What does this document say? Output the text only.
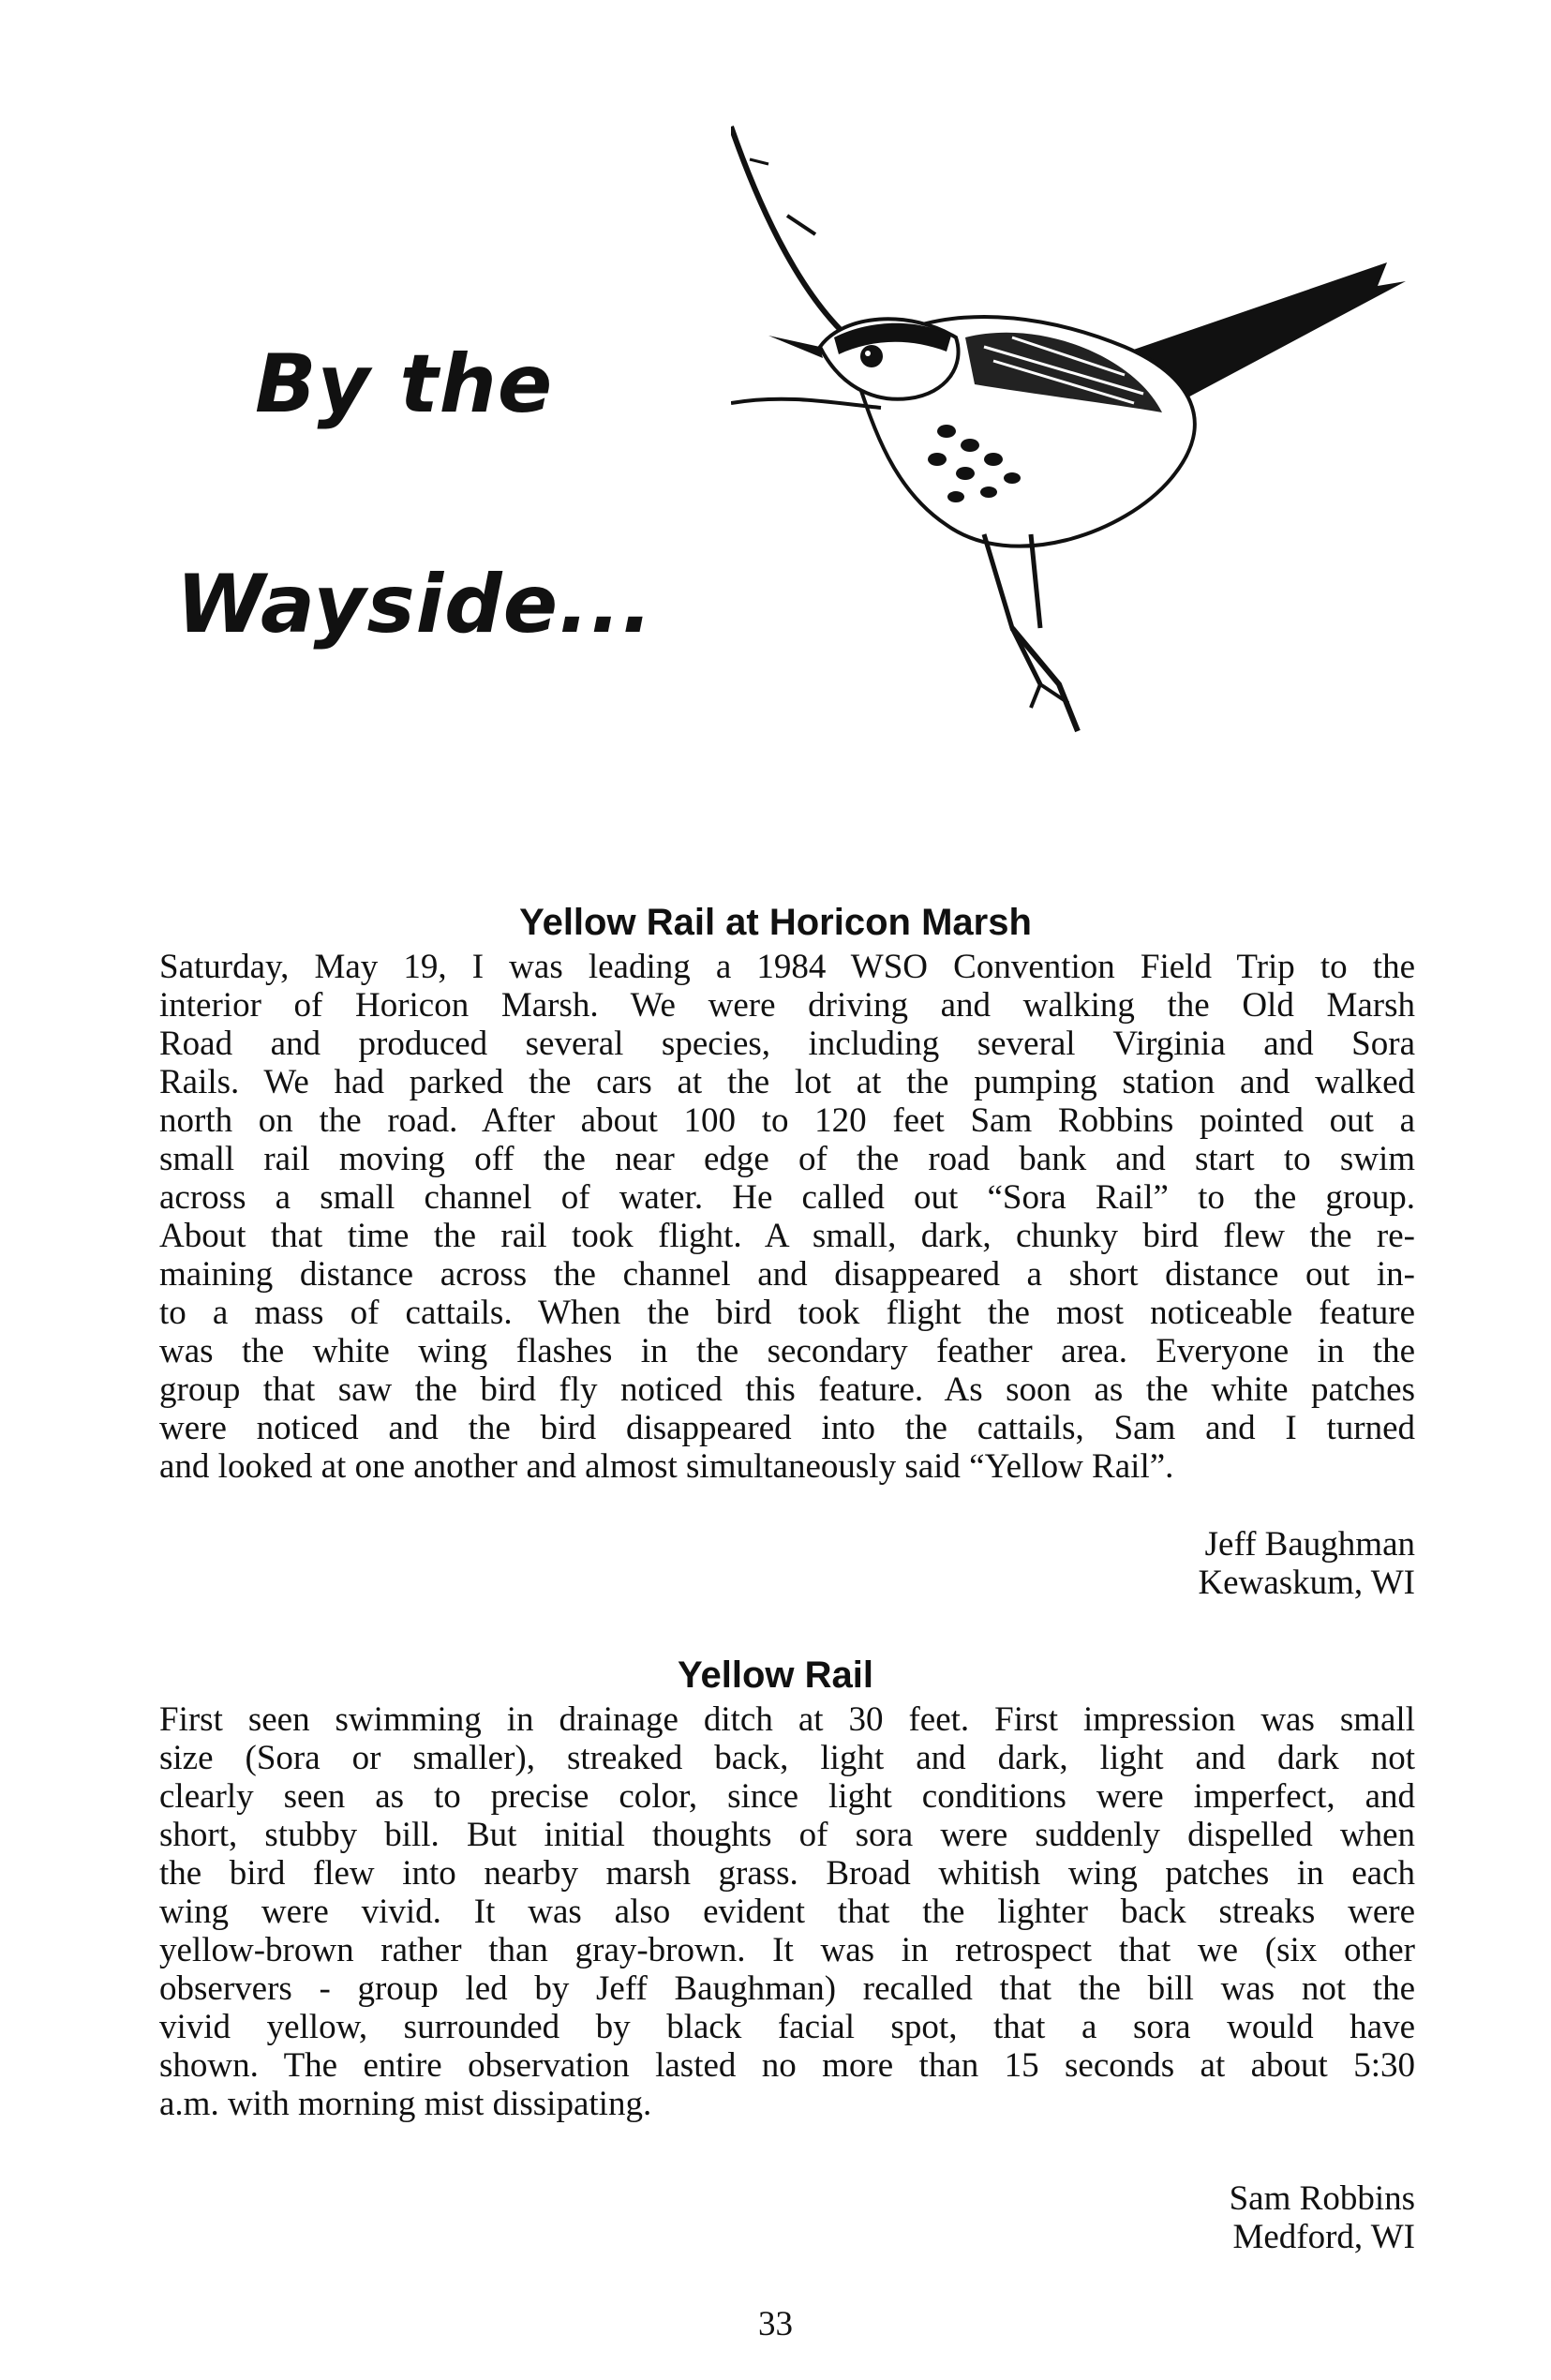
By the
Wayside...
Yellow Rail at Horicon Marsh
Saturday, May 19, I was leading a 1984 WSO Convention Field Trip to the
interior of Horicon Marsh. We were driving and walking the Old Marsh
Road and produced several species, including several Virginia and Sora
Rails. We had parked the cars at the lot at the pumping station and walked
north on the road. After about 100 to 120 feet Sam Robbins pointed out a
small rail moving off the near edge of the road bank and start to swim
across a small channel of water. He called out “Sora Rail” to the group.
About that time the rail took flight. A small, dark, chunky bird flew the re-
maining distance across the channel and disappeared a short distance out in-
to a mass of cattails. When the bird took flight the most noticeable feature
was the white wing flashes in the secondary feather area. Everyone in the
group that saw the bird fly noticed this feature. As soon as the white patches
were noticed and the bird disappeared into the cattails, Sam and I turned
and looked at one another and almost simultaneously said “Yellow Rail”.
Jeff Baughman
Kewaskum, WI
Yellow Rail
First seen swimming in drainage ditch at 30 feet. First impression was small
size (Sora or smaller), streaked back, light and dark, light and dark not
clearly seen as to precise color, since light conditions were imperfect, and
short, stubby bill. But initial thoughts of sora were suddenly dispelled when
the bird flew into nearby marsh grass. Broad whitish wing patches in each
wing were vivid. It was also evident that the lighter back streaks were
yellow-brown rather than gray-brown. It was in retrospect that we (six other
observers - group led by Jeff Baughman) recalled that the bill was not the
vivid yellow, surrounded by black facial spot, that a sora would have
shown. The entire observation lasted no more than 15 seconds at about 5:30
a.m. with morning mist dissipating.
Sam Robbins
Medford, WI
33
